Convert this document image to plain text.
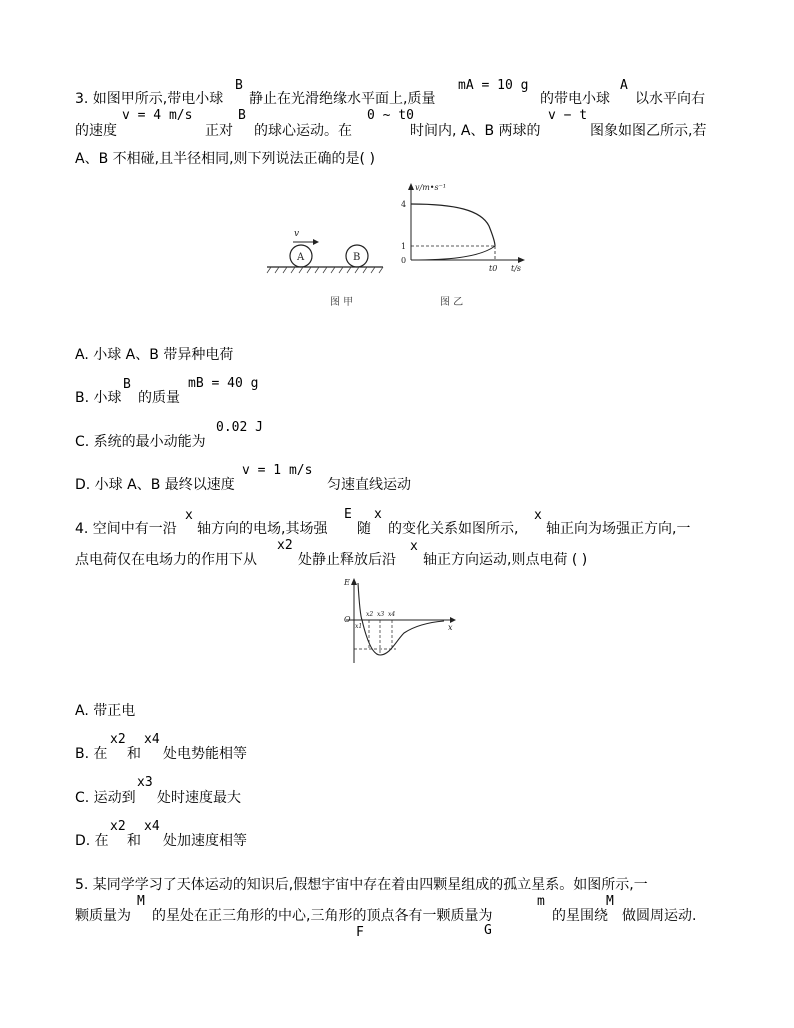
3. 如图甲所示,带电小球
B
静止在光滑绝缘水平面上,质量
mA = 10 g
的带电小球
A
以水平向右
的速度
v = 4 m/s
正对
B
的球心运动。在
0 ~ t0
时间内, A、B 两球的
v − t
图象如图乙所示,若
A、B 不相碰,且半径相同,则下列说法正确的是( )
v
A	B
图 甲
v/m•s⁻¹
4
1
0
t0 t/s
图 乙
A. 小球 A、B 带异种电荷
B. 小球
B
的质量
mB = 40 g
C. 系统的最小动能为
0.02 J
D. 小球 A、B 最终以速度
v = 1 m/s
匀速直线运动
4. 空间中有一沿
x
轴方向的电场,其场强
E
随
x
的变化关系如图所示,
x
轴正向为场强正方向,一
点电荷仅在电场力的作用下从
x2
处静止释放后沿
x
轴正方向运动,则点电荷 ( )
E
O
x
x1
x2 x3 x4
A. 带正电
B. 在
x2
和
x4
处电势能相等
C. 运动到
x3
处时速度最大
D. 在
x2
和
x4
处加速度相等
5. 某同学学习了天体运动的知识后,假想宇宙中存在着由四颗星组成的孤立星系。如图所示,一
颗质量为
M
的星处在正三角形的中心,三角形的顶点各有一颗质量为
m
的星围绕
M
做圆周运动.
F	G
